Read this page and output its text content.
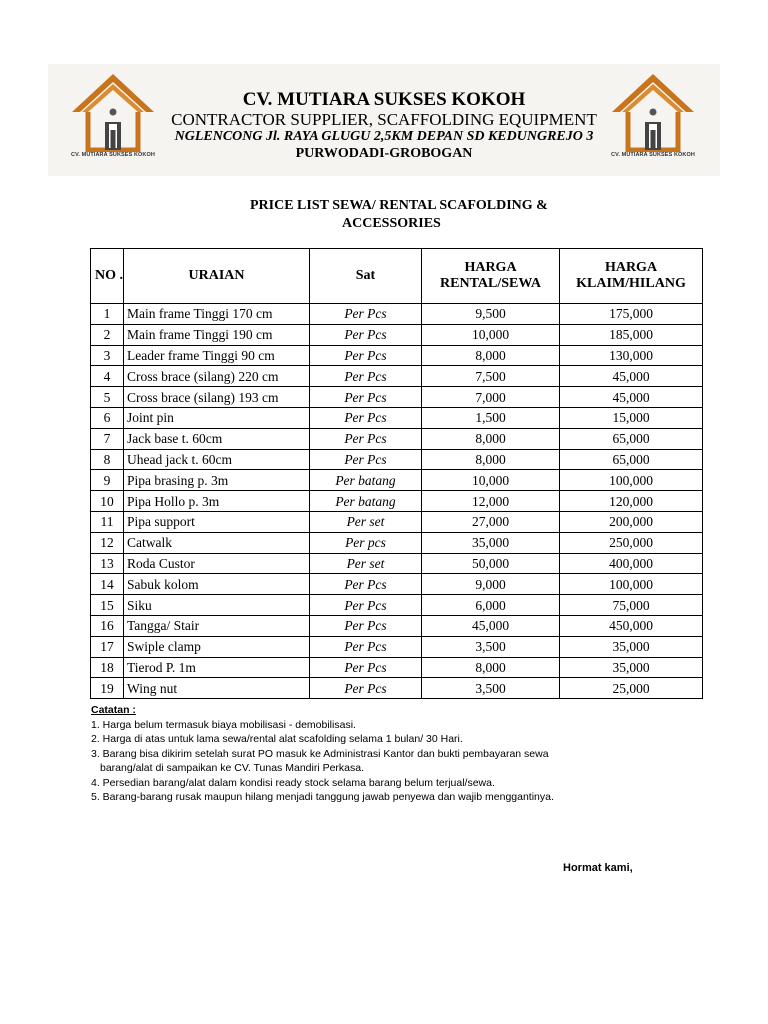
CV. MUTIARA SUKSES KOKOH	CV. MUTIARA SUKSES KOKOH
CV. MUTIARA SUKSES KOKOH
CONTRACTOR SUPPLIER, SCAFFOLDING EQUIPMENT
NGLENCONG Jl. RAYA GLUGU 2,5KM DEPAN SD KEDUNGREJO 3
PURWODADI-GROBOGAN
PRICE LIST SEWA/ RENTAL SCAFOLDING &
ACCESSORIES
NO .	URAIAN	Sat	HARGA RENTAL/SEWA	HARGA KLAIM/HILANG
1	Main frame Tinggi 170 cm	Per Pcs	9,500	175,000
2	Main frame Tinggi 190 cm	Per Pcs	10,000	185,000
3	Leader frame Tinggi 90 cm	Per Pcs	8,000	130,000
4	Cross brace (silang) 220 cm	Per Pcs	7,500	45,000
5	Cross brace (silang) 193 cm	Per Pcs	7,000	45,000
6	Joint pin	Per Pcs	1,500	15,000
7	Jack base t. 60cm	Per Pcs	8,000	65,000
8	Uhead jack t. 60cm	Per Pcs	8,000	65,000
9	Pipa brasing p. 3m	Per batang	10,000	100,000
10	Pipa Hollo p. 3m	Per batang	12,000	120,000
11	Pipa support	Per set	27,000	200,000
12	Catwalk	Per pcs	35,000	250,000
13	Roda Custor	Per set	50,000	400,000
14	Sabuk kolom	Per Pcs	9,000	100,000
15	Siku	Per Pcs	6,000	75,000
16	Tangga/ Stair	Per Pcs	45,000	450,000
17	Swiple clamp	Per Pcs	3,500	35,000
18	Tierod P. 1m	Per Pcs	8,000	35,000
19	Wing nut	Per Pcs	3,500	25,000
Catatan :
1. Harga belum termasuk biaya mobilisasi - demobilisasi.
2. Harga di atas untuk lama sewa/rental alat scafolding selama 1 bulan/ 30 Hari.
3. Barang bisa dikirim setelah surat PO masuk ke Administrasi Kantor dan bukti pembayaran sewa
barang/alat di sampaikan ke CV. Tunas Mandiri Perkasa.
4. Persedian barang/alat dalam kondisi ready stock selama barang belum terjual/sewa.
5. Barang-barang rusak maupun hilang menjadi tanggung jawab penyewa dan wajib menggantinya.
Hormat kami,
